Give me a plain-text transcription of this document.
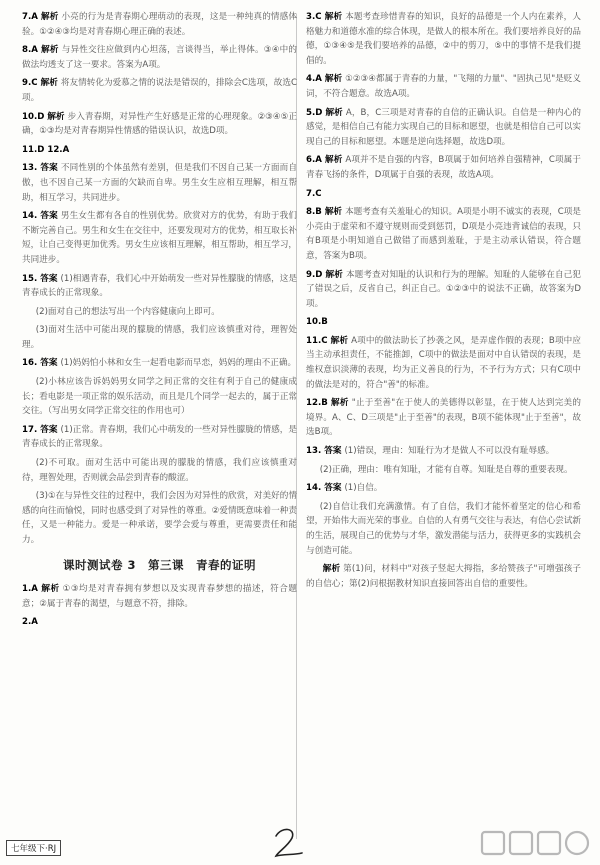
7.A 解析 小亮的行为是青春期心理萌动的表现，这是一种纯真的情感体验。①②④③均是对青春期心理正确的表述。
8.A 解析 与异性交往应做到内心坦荡，言谈得当，举止得体。③④中的做法均透支了这一要求。答案为A项。
9.C 解析 将友情转化为爱慕之情的说法是错误的，排除会C选项，故选C项。
10.D 解析 步入青春期，对异性产生好感是正常的心理现象。②③④⑤正确，①③均是对青春期异性情感的错误认识，故选D项。
11.D 12.A
13. 答案 不同性别的个体虽然有差别，但是我们不因自己某一方面而自傲，也不因自己某一方面的欠缺而自卑。男生女生应相互理解，相互帮助，相互学习，共同进步。
14. 答案 男生女生都有各自的性别优势。欣赏对方的优势，有助于我们不断完善自己。男生和女生在交往中，还要发现对方的优势，相互取长补短，让自己变得更加优秀。男女生应该相互理解，相互帮助，相互学习，共同进步。
15. 答案 (1)相遇青春，我们心中开始萌发一些对异性朦胧的情感，这是青春成长的正常现象。
(2)面对自己的想法写出一个内容健康向上即可。
(3)面对生活中可能出现的朦胧的情感，我们应该慎重对待，理智处理。
16. 答案 (1)妈妈怕小林和女生一起看电影而早恋，妈妈的理由不正确。
(2)小林应该告诉妈妈男女同学之间正常的交往有利于自己的健康成长；看电影是一项正常的娱乐活动，而且是几个同学一起去的，属于正常交往。（写出男女同学正常交往的作用也可）
17. 答案 (1)正常。青春期，我们心中萌发的一些对异性朦胧的情感，是青春成长的正常现象。
(2)不可取。面对生活中可能出现的朦胧的情感，我们应该慎重对待，理智处理，否则就会品尝到青春的酸涩。
(3)①在与异性交往的过程中，我们会因为对异性的欣赏，对美好的情感的向往而愉悦，同时也感受到了对异性的尊重。②爱情既意味着一种责任，又是一种能力。爱是一种承诺，要学会爱与尊重，更需要责任和能力。
课时测试卷 3　第三课　青春的证明
1.A 解析 ①③均是对青春拥有梦想以及实现青春梦想的描述，符合题意；②属于青春的渴望，与题意不符，排除。
2.A
3.C 解析 本题考查珍惜青春的知识，良好的品德是一个人内在素养，人格魅力和道德水准的综合体现，是做人的根本所在。我们要培养良好的品德，①③④⑤是我们要培养的品德，②中的剪刀，⑤中的事情不是我们提倡的。
4.A 解析 ①②③④都属于青春的力量，"飞翔的力量"、"固执己见"是贬义词，不符合题意。故选A项。
5.D 解析 A，B，C三项是对青春的自信的正确认识。自信是一种内心的感觉，是相信自己有能力实现自己的目标和愿望，也就是相信自己可以实现自己的目标和愿望。本题是逆向选择题，故选D项。
6.A 解析 A项并不是自强的内容，B项属于如何培养自强精神，C项属于青春飞扬的条件，D项属于自强的表现，故选A项。
7.C
8.B 解析 本题考查有关羞耻心的知识。A项是小明不诚实的表现，C项是小亮由于虚荣和不遵守规则而受到惩罚，D项是小亮违背诚信的表现，只有B项是小明知道自己做错了而感到羞耻，于是主动承认错误，符合题意，答案为B项。
9.D 解析 本题考查对知耻的认识和行为的理解。知耻的人能够在自己犯了错误之后，反省自己，纠正自己。①②③中的说法不正确，故答案为D项。
10.B
11.C 解析 A项中的做法助长了抄袭之风，是弄虚作假的表现；B项中应当主动承担责任，不能推卸，C项中的做法是面对中自认错误的表现，是维权意识淡薄的表现，均为正义善良的行为，不予行为方式；只有C项中的做法是对的，符合"善"的标准。
12.B 解析 "止于至善"在于使人的美德得以彰显，在于使人达到完美的境界。A、C、D三项是"止于至善"的表现，B项不能体现"止于至善"，故选B项。
13. 答案 (1)错误，理由：知耻行为才是做人不可以没有耻辱感。
(2)正确，理由：唯有知耻，才能有自尊。知耻是自尊的重要表现。
14. 答案 (1)自信。
(2)自信让我们充满激情。有了自信，我们才能怀着坚定的信心和希望，开始伟大而光荣的事业。自信的人有勇气交往与表达，有信心尝试新的生活，展现自己的优势与才华，激发潜能与活力，获得更多的实践机会与创造可能。
解析 第(1)问，材料中"对孩子竖起大拇指，多给赞孩子"可增强孩子的自信心；第(2)问根据教材知识直接回答出自信的重要性。
七年级下·RJ
